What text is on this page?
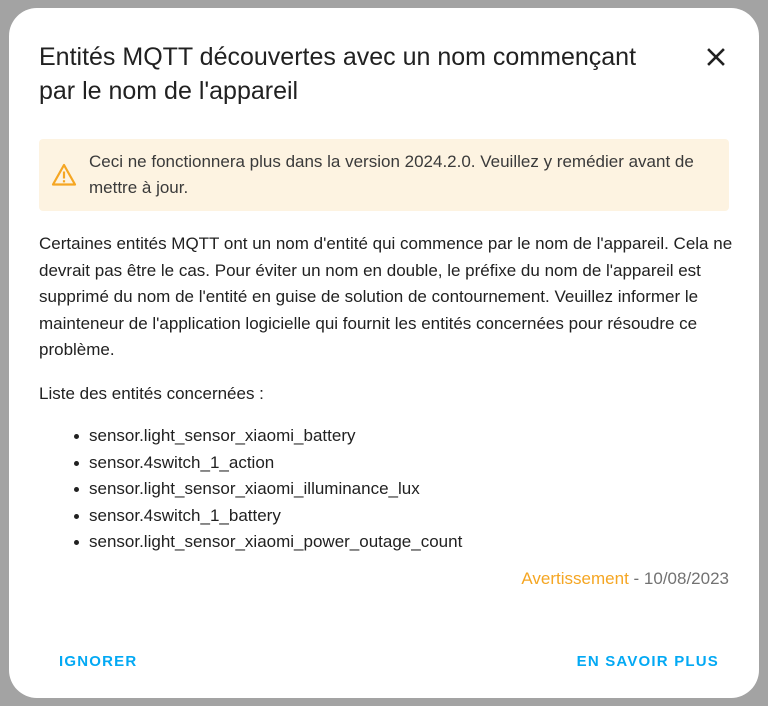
Entités MQTT découvertes avec un nom commençant par le nom de l'appareil
Ceci ne fonctionnera plus dans la version 2024.2.0. Veuillez y remédier avant de mettre à jour.

Certaines entités MQTT ont un nom d'entité qui commence par le nom de l'appareil. Cela ne devrait pas être le cas. Pour éviter un nom en double, le préfixe du nom de l'appareil est supprimé du nom de l'entité en guise de solution de contournement. Veuillez informer le mainteneur de l'application logicielle qui fournit les entités concernées pour résoudre ce problème.

Liste des entités concernées :

sensor.light_sensor_xiaomi_battery
sensor.4switch_1_action
sensor.light_sensor_xiaomi_illuminance_lux
sensor.4switch_1_battery
sensor.light_sensor_xiaomi_power_outage_count
Avertissement - 10/08/2023
IGNORER	EN SAVOIR PLUS
